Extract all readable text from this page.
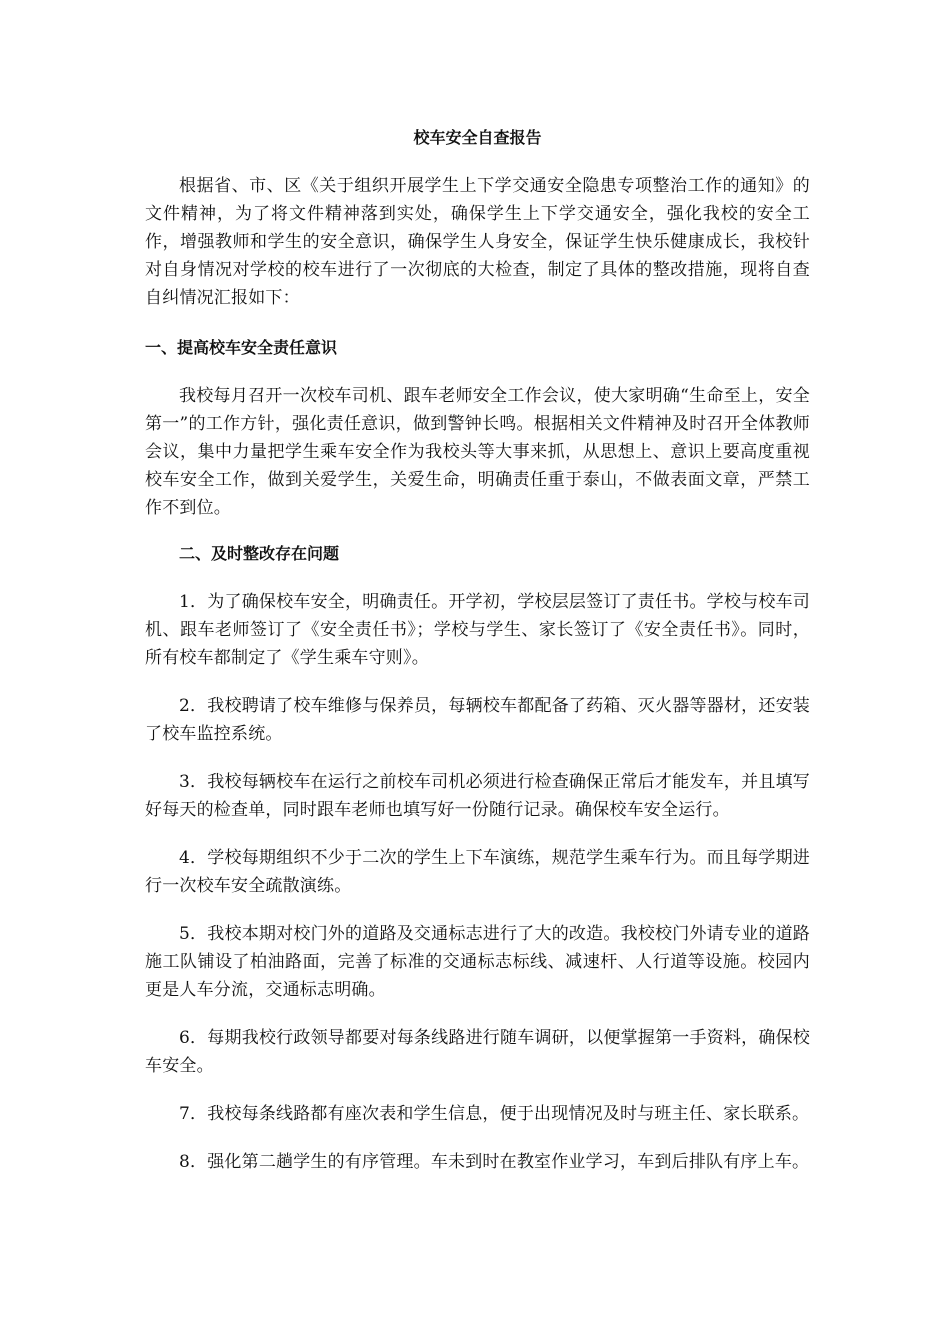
校车安全自查报告

根据省、市、区《关于组织开展学生上下学交通安全隐患专项整治工作的通知》的文件精神，为了将文件精神落到实处，确保学生上下学交通安全，强化我校的安全工作，增强教师和学生的安全意识，确保学生人身安全，保证学生快乐健康成长，我校针对自身情况对学校的校车进行了一次彻底的大检查，制定了具体的整改措施，现将自查自纠情况汇报如下：

一、提高校车安全责任意识

我校每月召开一次校车司机、跟车老师安全工作会议，使大家明确“生命至上，安全第一”的工作方针，强化责任意识，做到警钟长鸣。根据相关文件精神及时召开全体教师会议，集中力量把学生乘车安全作为我校头等大事来抓，从思想上、意识上要高度重视校车安全工作，做到关爱学生，关爱生命，明确责任重于泰山，不做表面文章，严禁工作不到位。

二、及时整改存在问题

1．为了确保校车安全，明确责任。开学初，学校层层签订了责任书。学校与校车司机、跟车老师签订了《安全责任书》；学校与学生、家长签订了《安全责任书》。同时，所有校车都制定了《学生乘车守则》。

2．我校聘请了校车维修与保养员，每辆校车都配备了药箱、灭火器等器材，还安装了校车监控系统。

3．我校每辆校车在运行之前校车司机必须进行检查确保正常后才能发车，并且填写好每天的检查单，同时跟车老师也填写好一份随行记录。确保校车安全运行。

4．学校每期组织不少于二次的学生上下车演练，规范学生乘车行为。而且每学期进行一次校车安全疏散演练。

5．我校本期对校门外的道路及交通标志进行了大的改造。我校校门外请专业的道路施工队铺设了柏油路面，完善了标准的交通标志标线、减速杆、人行道等设施。校园内更是人车分流，交通标志明确。

6．每期我校行政领导都要对每条线路进行随车调研，以便掌握第一手资料，确保校车安全。

7．我校每条线路都有座次表和学生信息，便于出现情况及时与班主任、家长联系。

8．强化第二趟学生的有序管理。车未到时在教室作业学习，车到后排队有序上车。
